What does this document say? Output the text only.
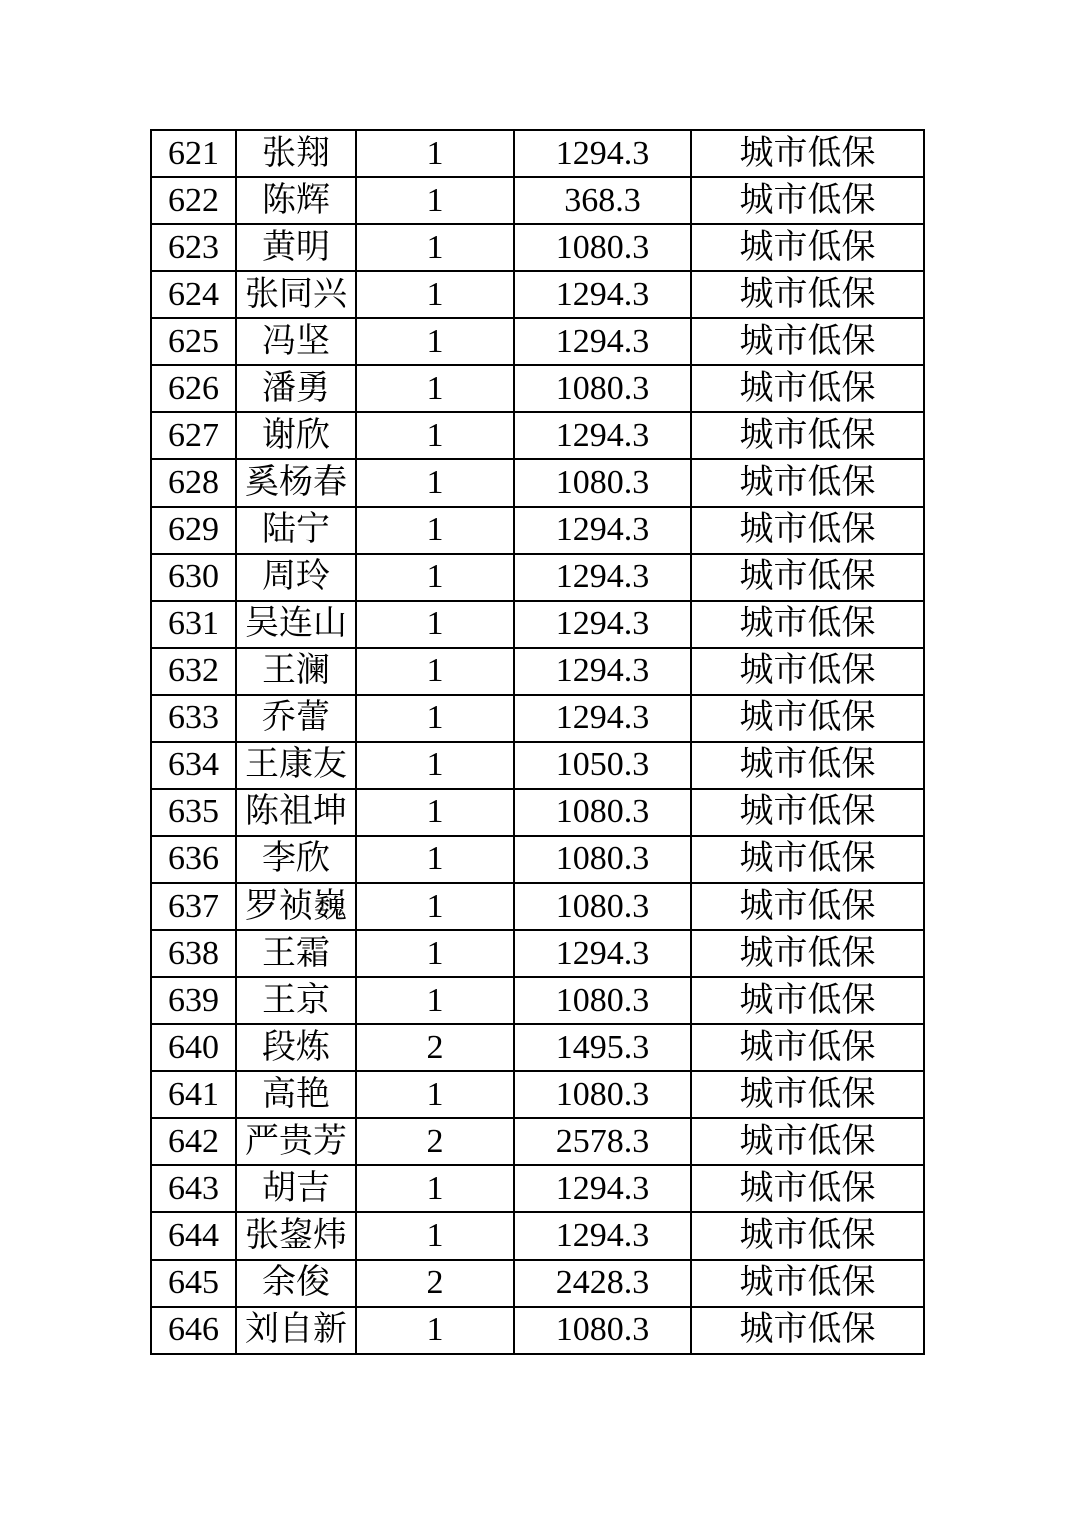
621	张翔	1	1294.3	城市低保
622	陈辉	1	368.3	城市低保
623	黄明	1	1080.3	城市低保
624	张同兴	1	1294.3	城市低保
625	冯坚	1	1294.3	城市低保
626	潘勇	1	1080.3	城市低保
627	谢欣	1	1294.3	城市低保
628	奚杨春	1	1080.3	城市低保
629	陆宁	1	1294.3	城市低保
630	周玲	1	1294.3	城市低保
631	吴连山	1	1294.3	城市低保
632	王澜	1	1294.3	城市低保
633	乔蕾	1	1294.3	城市低保
634	王康友	1	1050.3	城市低保
635	陈祖坤	1	1080.3	城市低保
636	李欣	1	1080.3	城市低保
637	罗祯巍	1	1080.3	城市低保
638	王霜	1	1294.3	城市低保
639	王京	1	1080.3	城市低保
640	段炼	2	1495.3	城市低保
641	高艳	1	1080.3	城市低保
642	严贵芳	2	2578.3	城市低保
643	胡吉	1	1294.3	城市低保
644	张鋆炜	1	1294.3	城市低保
645	余俊	2	2428.3	城市低保
646	刘自新	1	1080.3	城市低保
